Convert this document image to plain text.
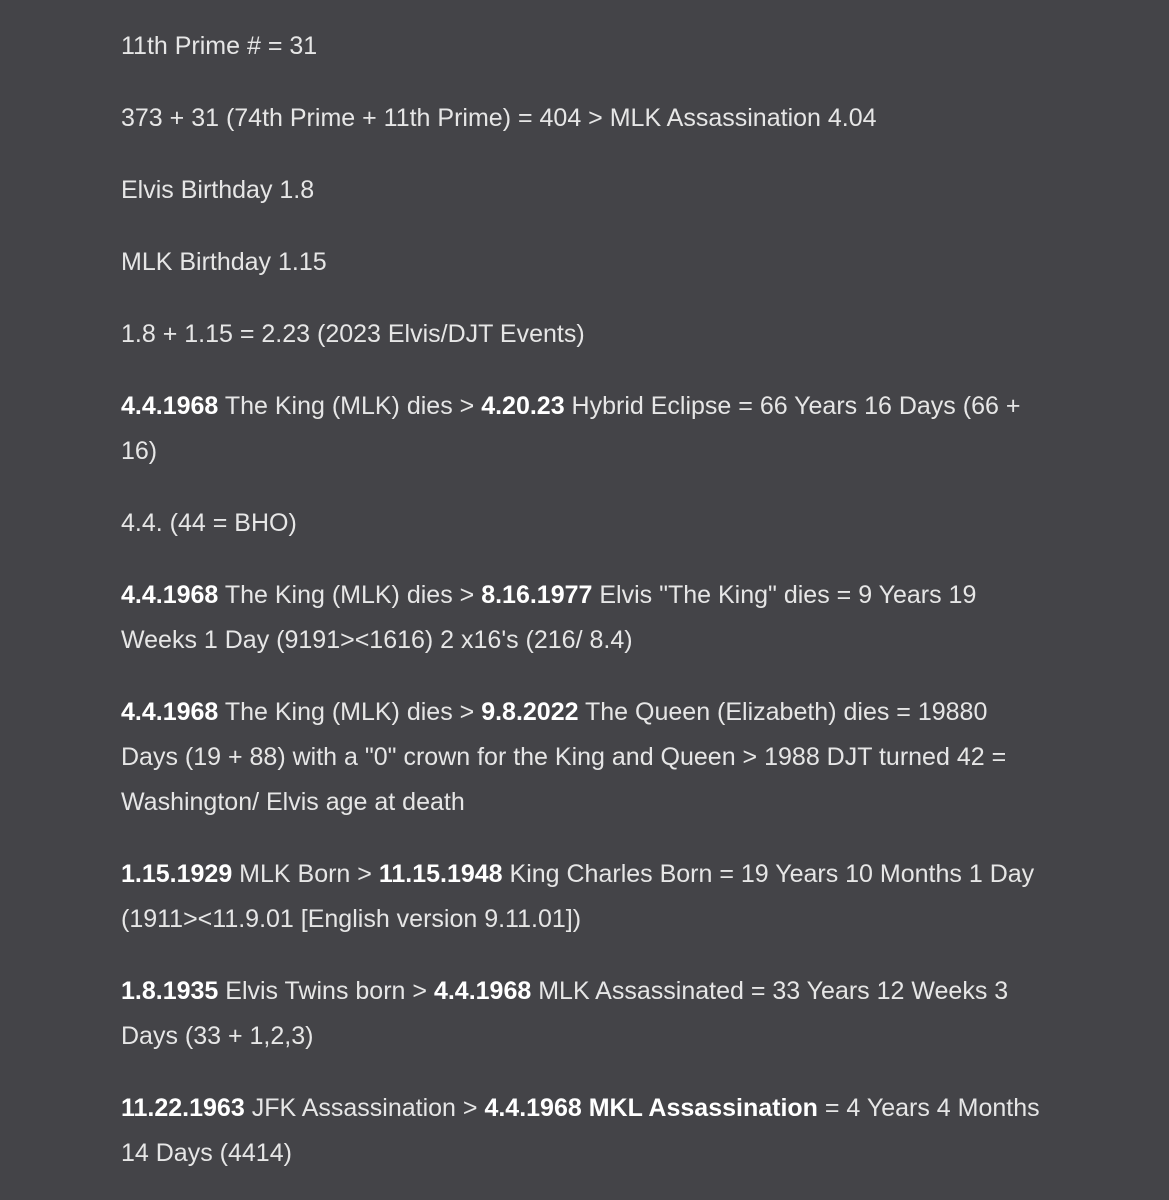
11th Prime # = 31

373 + 31 (74th Prime + 11th Prime) = 404 > MLK Assassination 4.04

Elvis Birthday 1.8

MLK Birthday 1.15

1.8 + 1.15 = 2.23 (2023 Elvis/DJT Events)

4.4.1968 The King (MLK) dies > 4.20.23 Hybrid Eclipse = 66 Years 16 Days (66 + 16)

4.4. (44 = BHO)

4.4.1968 The King (MLK) dies > 8.16.1977 Elvis "The King" dies = 9 Years 19 Weeks 1 Day (9191><1616) 2 x16's (216/ 8.4)

4.4.1968 The King (MLK) dies > 9.8.2022 The Queen (Elizabeth) dies = 19880 Days (19 + 88) with a "0" crown for the King and Queen > 1988 DJT turned 42 = Washington/ Elvis age at death

1.15.1929 MLK Born > 11.15.1948 King Charles Born = 19 Years 10 Months 1 Day (1911><11.9.01 [English version 9.11.01])

1.8.1935 Elvis Twins born > 4.4.1968 MLK Assassinated = 33 Years 12 Weeks 3 Days (33 + 1,2,3)

11.22.1963 JFK Assassination > 4.4.1968 MKL Assassination = 4 Years 4 Months 14 Days (4414)
